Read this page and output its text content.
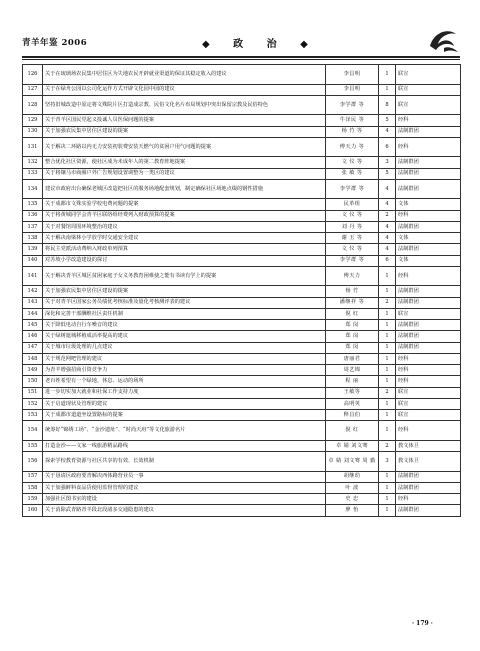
青羊年鉴 2006	◆ 政 治 ◆
126	关于在琉璃场农民集中居住区为失地农民开辟就业渠道的保证其稳定收入的建议	李昌明	1	联宣
127	关于在绿舟公园以公司化运作方式开辟文化园中园的建议	李昌明	1	联宣
128	坚持旧城改造中原定将文殊院片区打造成宗教、民俗文化名片布局规划中突出保留宗教及民俗特色	李学群 等	8	联宣
129	关于青羊区国民党起义投诚人员医保问题的提案	牛泽民 等	5	经科
130	关于加强农民集中居住区建设的提案	杨 竹 等	4	法制群团
131	关于解决二环路以内无力安装初装费安装天燃气的贫困户用气问题的提案	傅天力 等	6	经科
132	整合优化社区资源，使社区成为未成年人的第二教育阵地提案	文 仪 等	3	法制群团
133	关于将镶马市商圈户外广告规划设置调整为一类区的建议	张 敏 等	5	法制群团
134	建议市政府出台确保老城区改造把社区的服务场地配套规划，制定确保社区场地点缀的钢性措施	李学群 等	4	法制群团
135	关于成都市文殊实验学校电费问题的提案	民革组	4	文体
136	关于将黄城同学会青羊区联络组经费列入财政预算的提案	文 仪 等	2	经科
137	关于对餐馆周围环境整治的建议	刘 丹 等	4	法制群团
138	关于解决南梁林小学放学时交通安全建议	谢 玉 等	4	文体
139	将民主党派活动费纳入财政单列预算	文 仪 等	4	法制群团
140	对苏坡小学改造建设的探讨	李学群 等	6	文体
141	关于解决青羊区城区贫困家庭子女义务教育困难使之能有书读有学上的提案	傅天力	1	经科
142	关于加强农民集中居住区建设的提案	杨 竹	1	法制群团
143	关于对青羊区国家公务员绩优考核标准及量化考核测评表的建议	潘继祥 等	2	法制群团
144	深化和完善干部酬维社区责任机制	倪 红	1	联宣
145	关于降低电动自行车噪音的建议	郑 闵	1	法制群团
146	关于绿树遮城移植成活率提高的建议	郑 闵	1	法制群团
147	关于城市垃圾处理的几点建议	郑 闵	1	法制群团
148	关于规范网吧管理的建议	唐丽君	1	经科
149	为青羊增强招商引资竞争力	周艺锦	1	经科
150	老百姓希望有一个绿地、休息、运动的场所	程 丽	1	经科
151	进一步切实加大就业和社保工作支持力度	王敏等	2	联宣
152	关于启道现状及管理的建议	高明英	1	联宣
153	关于成都市道道坐设置路标的提案	释昌伯	1	联宣
154	统筹好“锦绣工场”、“金沙遗址”、“时尚天府”等文化旅游名片	倪 红	1	经科
155	打造金沙——文家一线旅游精品路线	卓 婧 刘文骞	2	教文体卫
156	探索学校教育资源与社区共享的有效、长效机制	卓 婧 刘文骞 周 勤	3	教文体卫
157	关于恳请区政府要青解决西体路营业员一事	胡继幼	1	法制群团
158	关于加强鲜料食品货使用监督管理的建议	叶 波	1	法制群团
159	加强社区图书室的建设	史 忠	1	经科
160	关于消除武青路青羊段北段諸多交通隐患的建议	廖 怡	1	法制群团
· 179 ·
